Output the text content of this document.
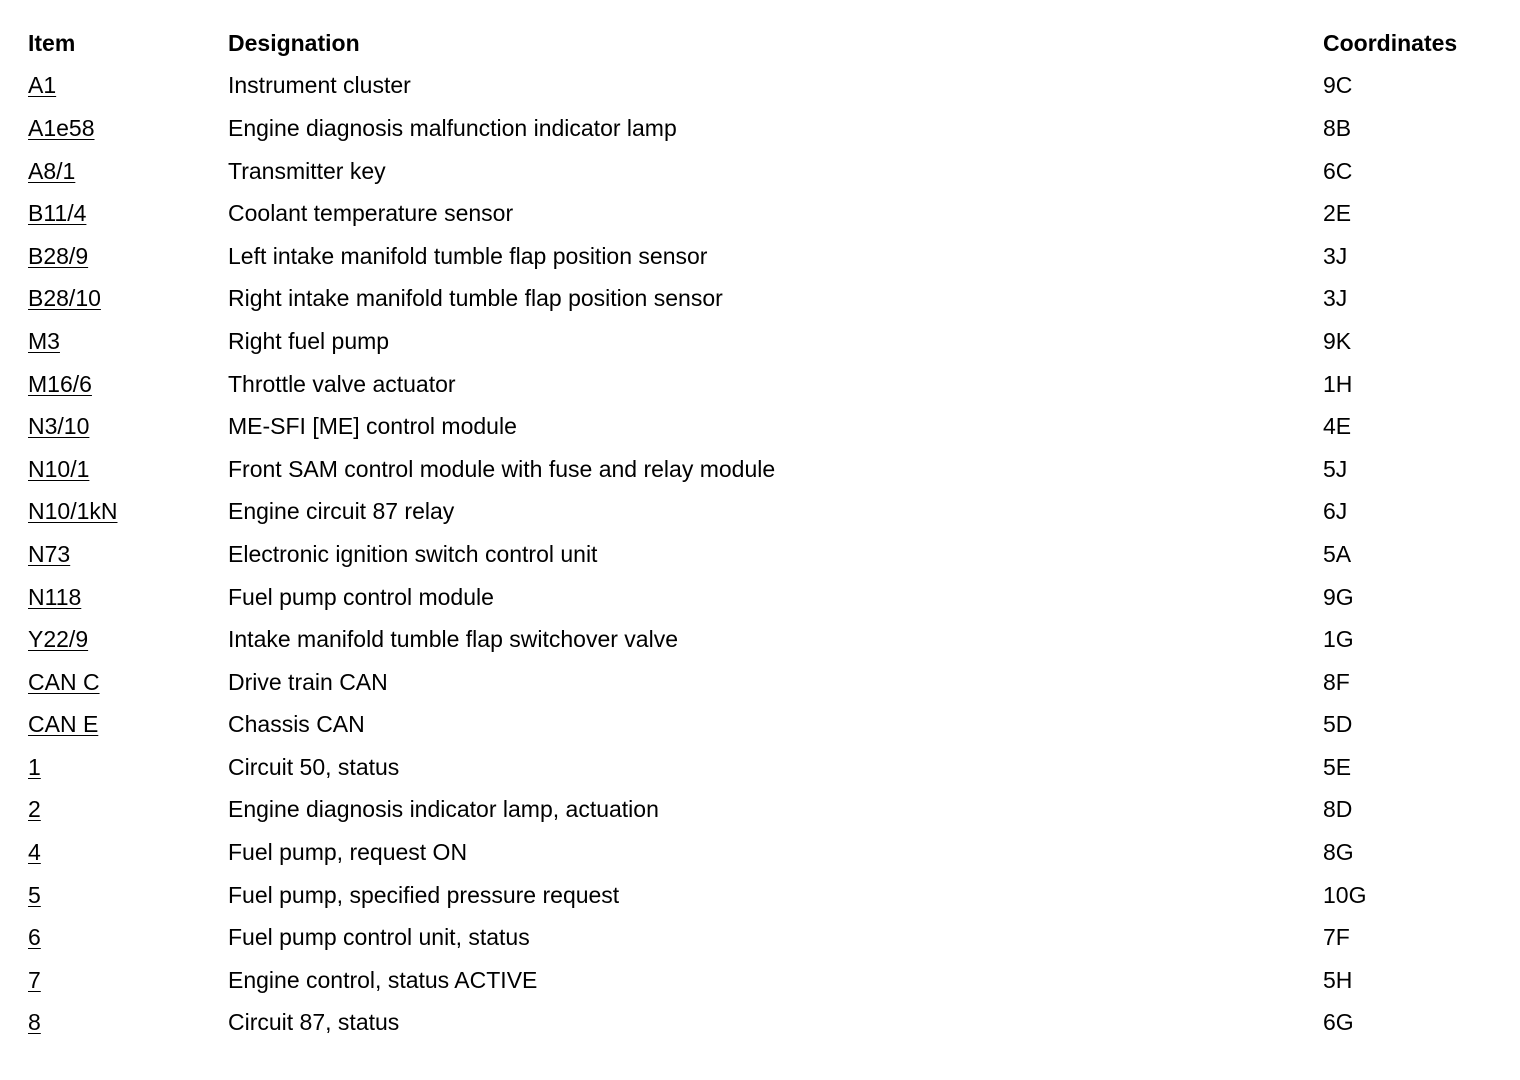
Item	Designation	Coordinates
A1	Instrument cluster	9C
A1e58	Engine diagnosis malfunction indicator lamp	8B
A8/1	Transmitter key	6C
B11/4	Coolant temperature sensor	2E
B28/9	Left intake manifold tumble flap position sensor	3J
B28/10	Right intake manifold tumble flap position sensor	3J
M3	Right fuel pump	9K
M16/6	Throttle valve actuator	1H
N3/10	ME-SFI [ME] control module	4E
N10/1	Front SAM control module with fuse and relay module	5J
N10/1kN	Engine circuit 87 relay	6J
N73	Electronic ignition switch control unit	5A
N118	Fuel pump control module	9G
Y22/9	Intake manifold tumble flap switchover valve	1G
CAN C	Drive train CAN	8F
CAN E	Chassis CAN	5D
1	Circuit 50, status	5E
2	Engine diagnosis indicator lamp, actuation	8D
4	Fuel pump, request ON	8G
5	Fuel pump, specified pressure request	10G
6	Fuel pump control unit, status	7F
7	Engine control, status ACTIVE	5H
8	Circuit 87, status	6G
